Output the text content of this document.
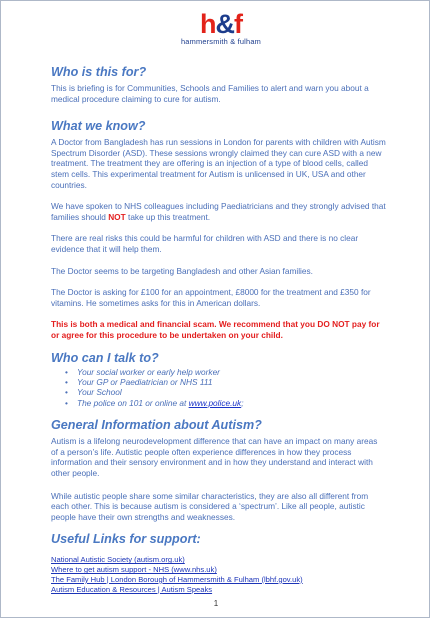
h&f
hammersmith & fulham
Who is this for?

This is briefing is for Communities, Schools and Families to alert and warn you about a medical procedure claiming to cure for autism.

What we know?

A Doctor from Bangladesh has run sessions in London for parents with children with Autism Spectrum Disorder (ASD). These sessions wrongly claimed they can cure ASD with a new treatment. The treatment they are offering is an injection of a type of blood cells, called stem cells. This experimental treatment for Autism is unlicensed in UK, USA and other countries.

We have spoken to NHS colleagues including Paediatricians and they strongly advised that families should NOT take up this treatment.

There are real risks this could be harmful for children with ASD and there is no clear evidence that it will help them.

The Doctor seems to be targeting Bangladesh and other Asian families.

The Doctor is asking for £100 for an appointment, £8000 for the treatment and £350 for vitamins. He sometimes asks for this in American dollars.

This is both a medical and financial scam. We recommend that you DO NOT pay for or agree for this procedure to be undertaken on your child.

Who can I talk to?
• Your social worker or early help worker
• Your GP or Paediatrician or NHS 111
• Your School
• The police on 101 or online at www.police.uk;
General Information about Autism?

Autism is a lifelong neurodevelopment difference that can have an impact on many areas of a person’s life. Autistic people often experience differences in how they process information and their sensory environment and in how they understand and interact with other people.

While autistic people share some similar characteristics, they are also all different from each other. This is because autism is considered a ‘spectrum’. Like all people, autistic people have their own strengths and weaknesses.

Useful Links for support:
National Autistic Society (autism.org.uk)
Where to get autism support - NHS (www.nhs.uk)
The Family Hub | London Borough of Hammersmith & Fulham (lbhf.gov.uk)
Autism Education & Resources | Autism Speaks
1
